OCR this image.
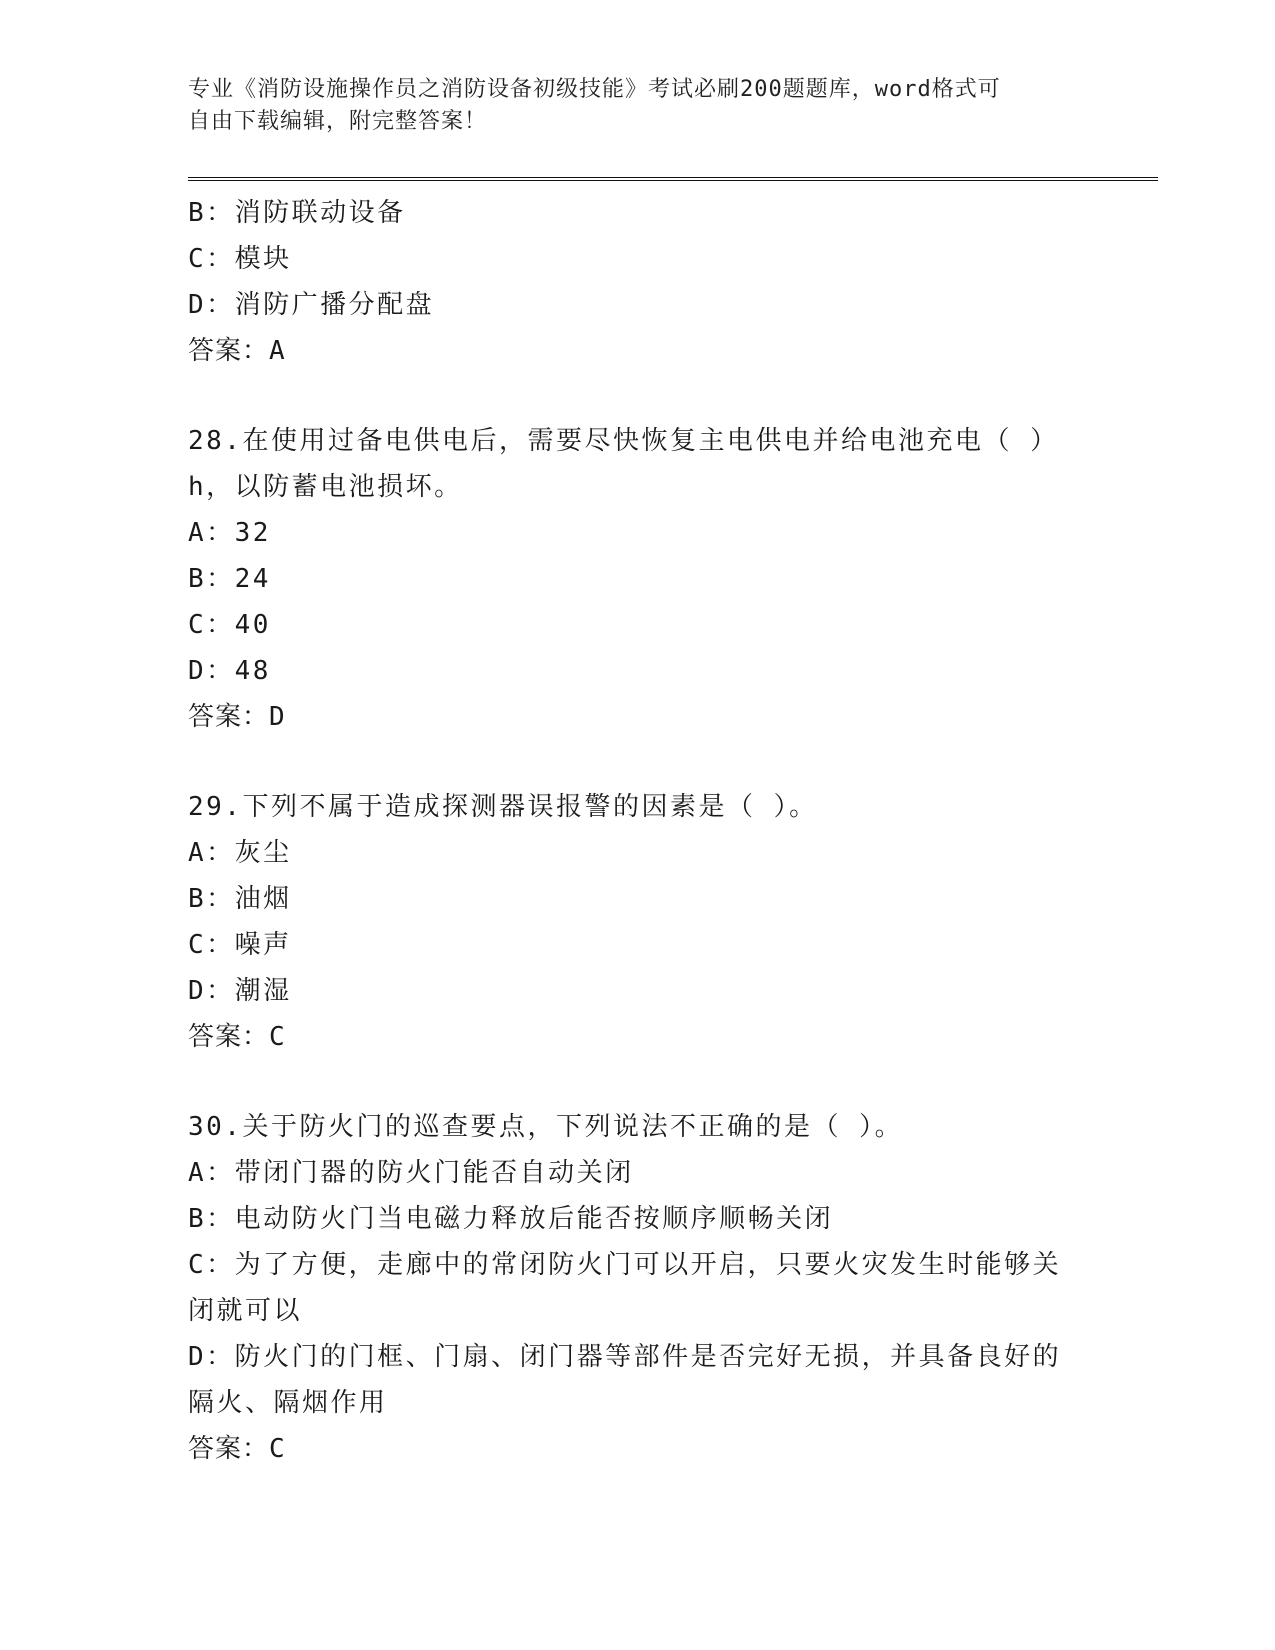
专业《消防设施操作员之消防设备初级技能》考试必刷200题题库，word格式可
自由下载编辑，附完整答案！
B：消防联动设备
C：模块
D：消防广播分配盘
答案：A
28.在使用过备电供电后，需要尽快恢复主电供电并给电池充电（ ）
h，以防蓄电池损坏。
A：32
B：24
C：40
D：48
答案：D
29.下列不属于造成探测器误报警的因素是（ ）。
A：灰尘
B：油烟
C：噪声
D：潮湿
答案：C
30.关于防火门的巡查要点，下列说法不正确的是（ ）。
A：带闭门器的防火门能否自动关闭
B：电动防火门当电磁力释放后能否按顺序顺畅关闭
C：为了方便，走廊中的常闭防火门可以开启，只要火灾发生时能够关
闭就可以
D：防火门的门框、门扇、闭门器等部件是否完好无损，并具备良好的
隔火、隔烟作用
答案：C
